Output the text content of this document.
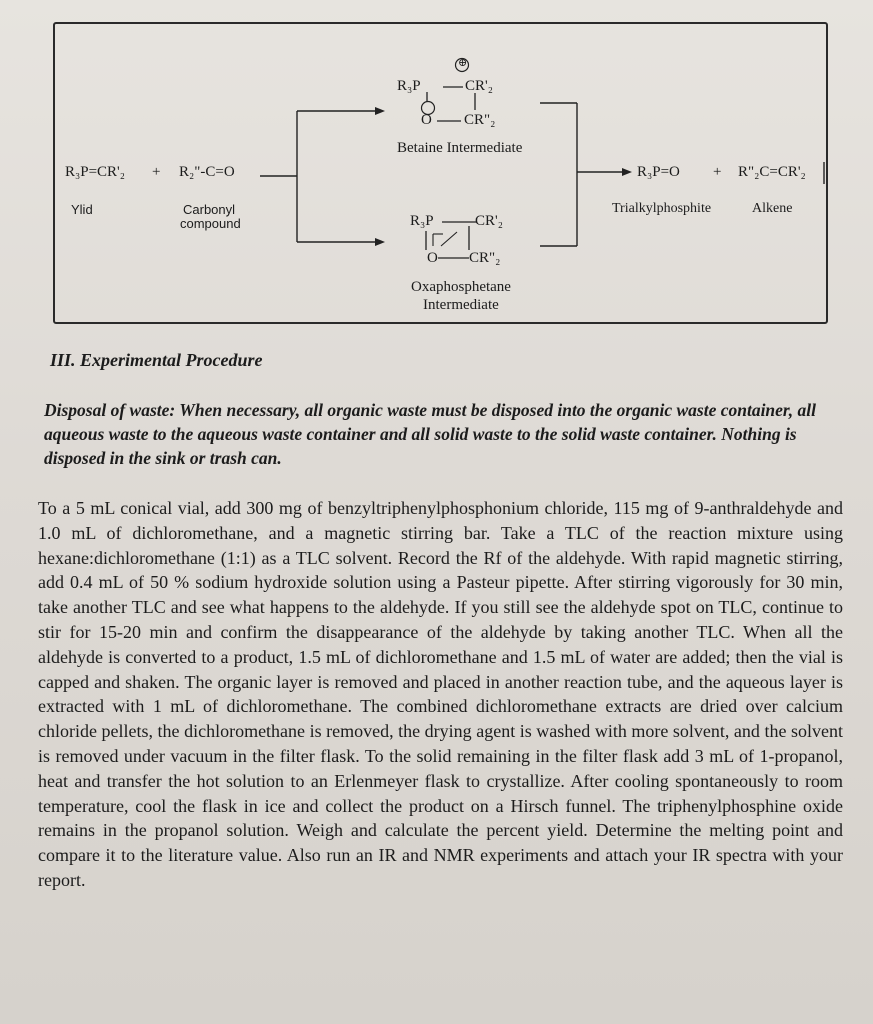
⊕
R₃P	CR'₂
O CR"₂
Betaine Intermediate
R₃P=CR'₂ + R₂"-C=O
Ylid	Carbonyl
compound
R₃P=O + R"₂C=CR'₂
Trialkylphosphite	Alkene
R₃P	CR'₂
O CR"₂
Oxaphosphetane
Intermediate
III. Experimental Procedure
Disposal of waste: When necessary, all organic waste must be disposed into the organic waste container, all aqueous waste to the aqueous waste container and all solid waste to the solid waste container. Nothing is disposed in the sink or trash can.
To a 5 mL conical vial, add 300 mg of benzyltriphenylphosphonium chloride, 115 mg of 9-anthraldehyde and 1.0 mL of dichloromethane, and a magnetic stirring bar. Take a TLC of the reaction mixture using hexane:dichloromethane (1:1) as a TLC solvent. Record the Rf of the aldehyde. With rapid magnetic stirring, add 0.4 mL of 50 % sodium hydroxide solution using a Pasteur pipette. After stirring vigorously for 30 min, take another TLC and see what happens to the aldehyde. If you still see the aldehyde spot on TLC, continue to stir for 15-20 min and confirm the disappearance of the aldehyde by taking another TLC. When all the aldehyde is converted to a product, 1.5 mL of dichloromethane and 1.5 mL of water are added; then the vial is capped and shaken. The organic layer is removed and placed in another reaction tube, and the aqueous layer is extracted with 1 mL of dichloromethane. The combined dichloromethane extracts are dried over calcium chloride pellets, the dichloromethane is removed, the drying agent is washed with more solvent, and the solvent is removed under vacuum in the filter flask. To the solid remaining in the filter flask add 3 mL of 1-propanol, heat and transfer the hot solution to an Erlenmeyer flask to crystallize. After cooling spontaneously to room temperature, cool the flask in ice and collect the product on a Hirsch funnel. The triphenylphosphine oxide remains in the propanol solution. Weigh and calculate the percent yield. Determine the melting point and compare it to the literature value. Also run an IR and NMR experiments and attach your IR spectra with your report.
